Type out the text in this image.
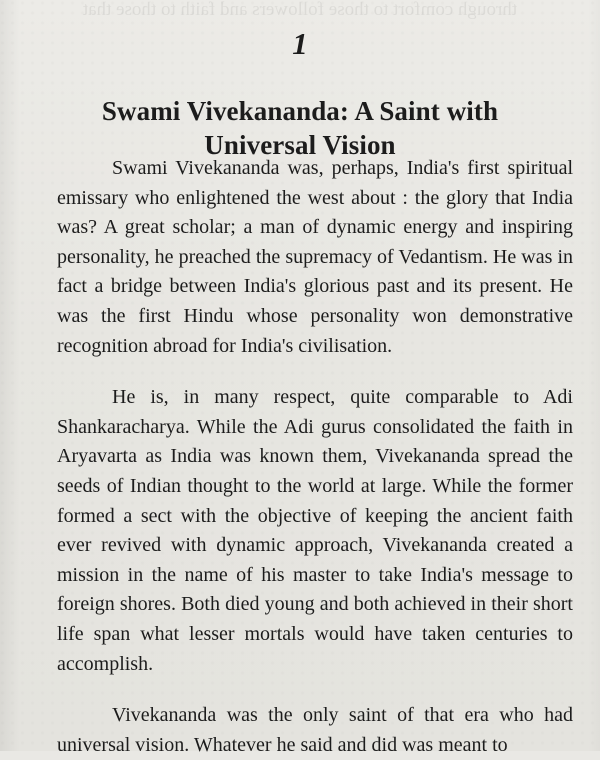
through comfort to those followers and faith to those that
1
Swami Vivekananda: A Saint with
Universal Vision

Swami Vivekananda was, perhaps, India's first spiritual emissary who enlightened the west about : the glory that India was? A great scholar; a man of dynamic energy and inspiring personality, he preached the supremacy of Vedantism. He was in fact a bridge between India's glorious past and its present. He was the first Hindu whose personality won demonstrative recognition abroad for India's civilisation.

He is, in many respect, quite comparable to Adi Shankaracharya. While the Adi gurus consolidated the faith in Aryavarta as India was known them, Vivekananda spread the seeds of Indian thought to the world at large. While the former formed a sect with the objective of keeping the ancient faith ever revived with dynamic approach, Vivekananda created a mission in the name of his master to take India's message to foreign shores. Both died young and both achieved in their short life span what lesser mortals would have taken centuries to accomplish.

Vivekananda was the only saint of that era who had universal vision. Whatever he said and did was meant to
